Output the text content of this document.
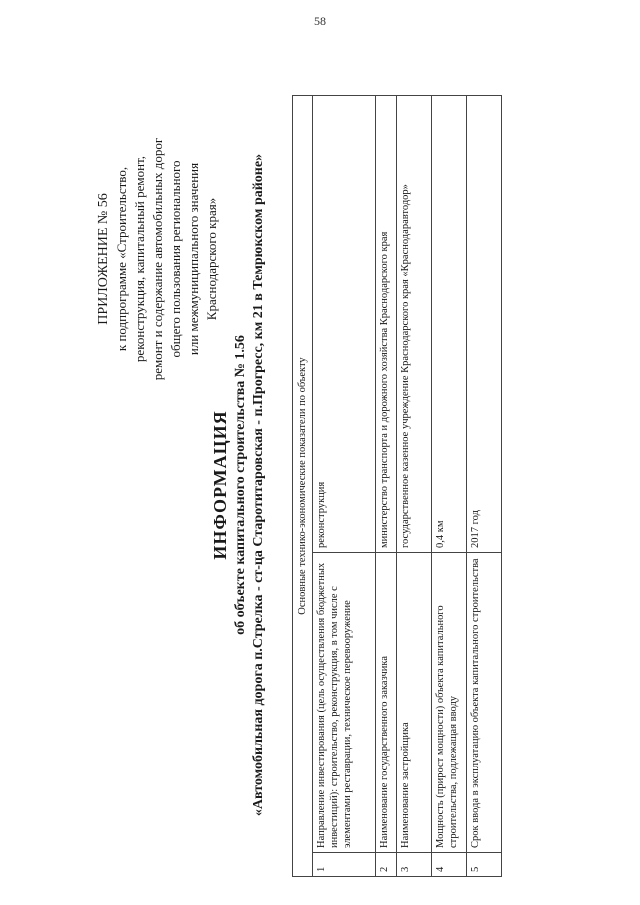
58
ПРИЛОЖЕНИЕ № 56 к подпрограмме «Строительство, реконструкция, капитальный ремонт, ремонт и содержание автомобильных дорог общего пользования регионального или межмуниципального значения Краснодарского края»
ИНФОРМАЦИЯ об объекте капитального строительства № 1.56 «Автомобильная дорога п.Стрелка - ст-ца Старотитаровская - п.Прогресс, км 21 в Темрюкском районе»	Основные технико-экономические показатели по объекту		
1	Направление инвестирования (цель осуществления бюджетных инвестиций): строительство, реконструкция, в том числе с элементами реставрации, техническое перевооружение	реконструкция
2	Наименование государственного заказчика	министерство транспорта и дорожного хозяйства Краснодарского края
3	Наименование застройщика	государственное казенное учреждение Краснодарского края «Краснодаравтодор»
4	Мощность (прирост мощности) объекта капитального строительства, подлежащая вводу	0,4 км
5	Срок ввода в эксплуатацию объекта капитального строительства	2017 год
